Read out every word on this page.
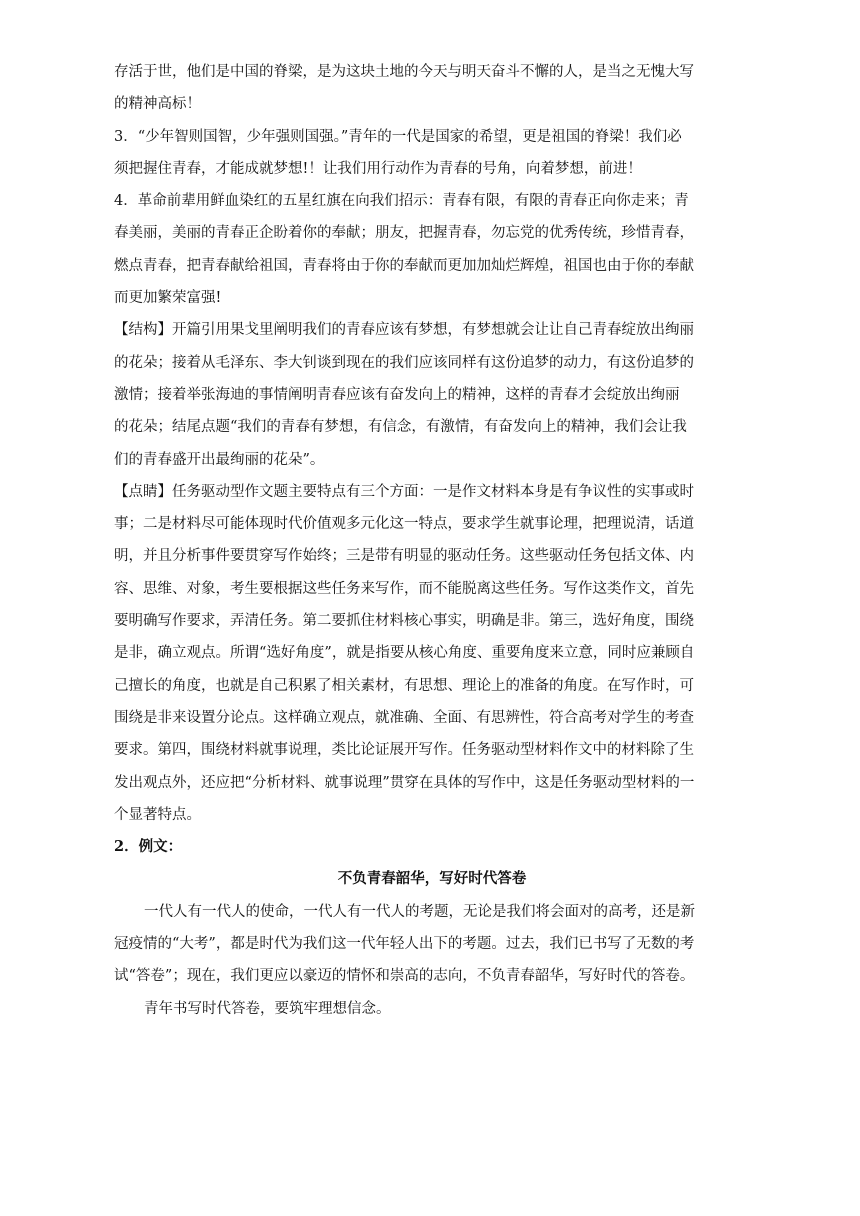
存活于世，他们是中国的脊梁，是为这块土地的今天与明天奋斗不懈的人，是当之无愧大写

的精神高标！

3．“少年智则国智，少年强则国强。”青年的一代是国家的希望，更是祖国的脊梁！我们必

须把握住青春，才能成就梦想!！让我们用行动作为青春的号角，向着梦想，前进！

4．革命前辈用鲜血染红的五星红旗在向我们招示：青春有限，有限的青春正向你走来；青

春美丽，美丽的青春正企盼着你的奉献；朋友，把握青春，勿忘党的优秀传统，珍惜青春，

燃点青春，把青春献给祖国，青春将由于你的奉献而更加加灿烂辉煌，祖国也由于你的奉献

而更加繁荣富强!

【结构】开篇引用果戈里阐明我们的青春应该有梦想，有梦想就会让让自己青春绽放出绚丽

的花朵；接着从毛泽东、李大钊谈到现在的我们应该同样有这份追梦的动力，有这份追梦的

激情；接着举张海迪的事情阐明青春应该有奋发向上的精神，这样的青春才会绽放出绚丽

的花朵；结尾点题“我们的青春有梦想，有信念，有激情，有奋发向上的精神，我们会让我

们的青春盛开出最绚丽的花朵”。

【点睛】任务驱动型作文题主要特点有三个方面：一是作文材料本身是有争议性的实事或时

事；二是材料尽可能体现时代价值观多元化这一特点，要求学生就事论理，把理说清，话道

明，并且分析事件要贯穿写作始终；三是带有明显的驱动任务。这些驱动任务包括文体、内

容、思维、对象，考生要根据这些任务来写作，而不能脱离这些任务。写作这类作文，首先

要明确写作要求，弄清任务。第二要抓住材料核心事实，明确是非。第三，选好角度，围绕

是非，确立观点。所谓“选好角度”，就是指要从核心角度、重要角度来立意，同时应兼顾自

己擅长的角度，也就是自己积累了相关素材，有思想、理论上的准备的角度。在写作时，可

围绕是非来设置分论点。这样确立观点，就准确、全面、有思辨性，符合高考对学生的考查

要求。第四，围绕材料就事说理，类比论证展开写作。任务驱动型材料作文中的材料除了生

发出观点外，还应把“分析材料、就事说理”贯穿在具体的写作中，这是任务驱动型材料的一

个显著特点。

2．例文：

不负青春韶华，写好时代答卷

一代人有一代人的使命，一代人有一代人的考题，无论是我们将会面对的高考，还是新

冠疫情的“大考”，都是时代为我们这一代年轻人出下的考题。过去，我们已书写了无数的考

试“答卷”；现在，我们更应以豪迈的情怀和崇高的志向，不负青春韶华，写好时代的答卷。

青年书写时代答卷，要筑牢理想信念。
